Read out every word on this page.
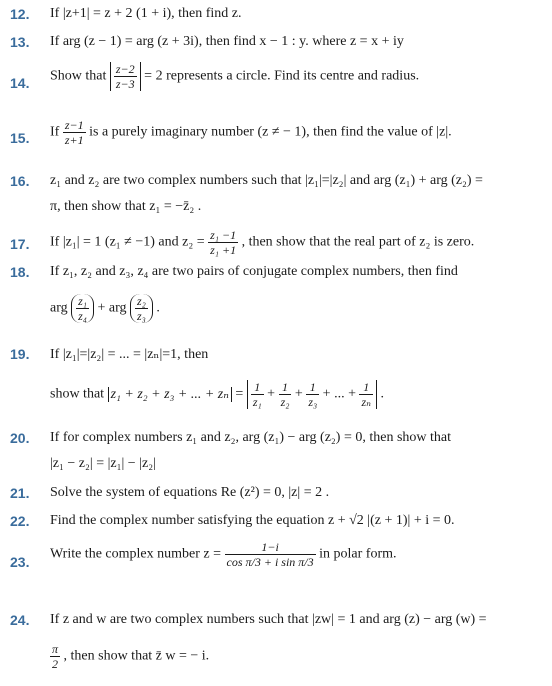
12. If |z+1| = z + 2 (1 + i), then find z.
13. If arg (z − 1) = arg (z + 3i), then find x − 1 : y. where z = x + iy
14. Show that $\frac{z-2}{z-3} = 2$ represents a circle. Find its centre and radius.
15. If $\frac{z-1}{z+1}$ is a purely imaginary number (z ≠ − 1), then find the value of |z|.
16. z₁ and z₂ are two complex numbers such that |z₁|=|z₂| and arg (z₁) + arg (z₂) =
π, then show that z₁ = −z̄₂ .
17. If |z₁| = 1 (z₁ ≠ −1) and $z_2 = \frac{\text{z₁ −1}}{\text{z₁ +1}}$ , then show that the real part of z₂ is zero.
18. If z₁, z₂ and z₃, z₄ are two pairs of conjugate complex numbers, then find
arg $\frac{\text{z₁}}{\text{z₄}}$ + arg $\frac{\text{z₂}}{\text{z₃}}$ .
19. If |z₁|=|z₂| = ... = |zₙ|=1, then
show that z₁ + z₂ + z₃ + ... + $z_n = \frac{1}{\text{z₁}} + \frac{1}{\text{z₂}} + \frac{1}{\text{z₃}}$ + ... + $\frac{1}{\text{zₙ}}$ .
20. If for complex numbers z₁ and z₂, arg (z₁) − arg (z₂) = 0, then show that
|z₁ − z₂| = |z₁| − |z₂|
21. Solve the system of equations Re (z²) = 0, |z| = 2 .
22. Find the complex number satisfying the equation z + √2 |(z + 1)| + i = 0.
23. Write the complex number $z = \frac{1-i}{\text{cos π/3 + i sin π/3}}$ in polar form.
24. If z and w are two complex numbers such that |zw| = 1 and arg (z) − arg (w) =
$\frac{\pi}{2}$ , then show that z̄ w = − i.
